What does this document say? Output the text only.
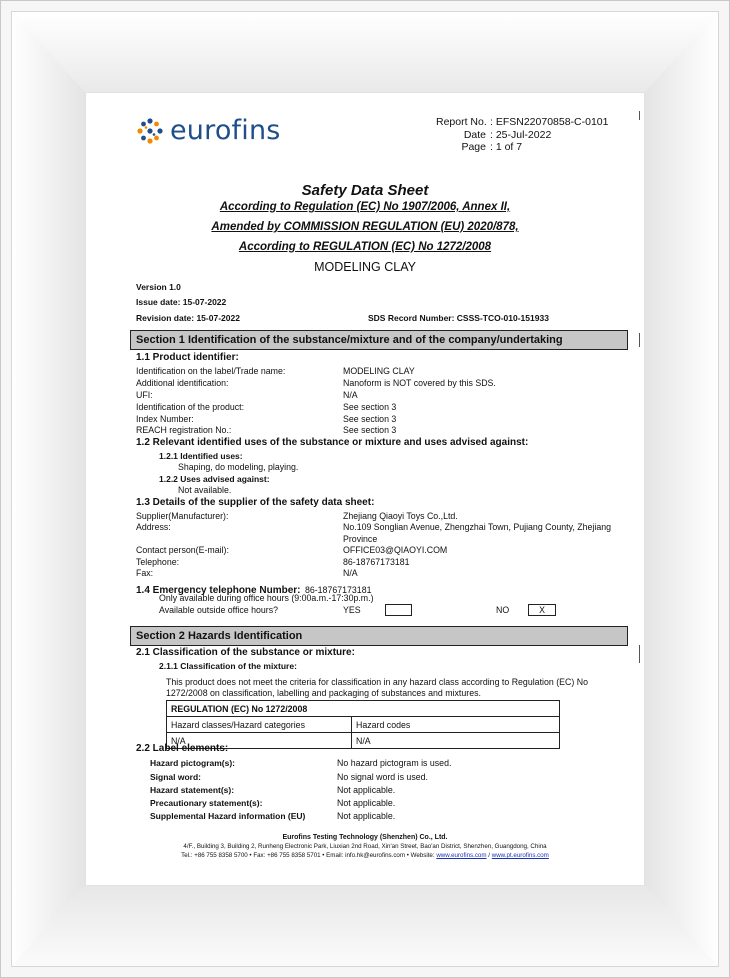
eurofins	Report No. : EFSN22070858-C-0101
Date : 25-Jul-2022
Page : 1 of 7
Safety Data Sheet
According to Regulation (EC) No 1907/2006, Annex II,
Amended by COMMISSION REGULATION (EU) 2020/878,
According to REGULATION (EC) No 1272/2008
MODELING CLAY
Version 1.0
Issue date: 15-07-2022
Revision date: 15-07-2022	SDS Record Number: CSSS-TCO-010-151933
Section 1 Identification of the substance/mixture and of the company/undertaking
1.1 Product identifier:
Identification on the label/Trade name:	MODELING CLAY
Additional identification:	Nanoform is NOT covered by this SDS.
UFI:	N/A
Identification of the product:	See section 3
Index Number:	See section 3
REACH registration No.:	See section 3
1.2 Relevant identified uses of the substance or mixture and uses advised against:
1.2.1 Identified uses:
Shaping, do modeling, playing.
1.2.2 Uses advised against:
Not available.
1.3 Details of the supplier of the safety data sheet:
Supplier(Manufacturer):	Zhejiang Qiaoyi Toys Co.,Ltd.
Address:	No.109 Songlian Avenue, Zhengzhai Town, Pujiang County, Zhejiang
Province
Contact person(E-mail):	OFFICE03@QIAOYI.COM
Telephone:	86-18767173181
Fax:	N/A
1.4 Emergency telephone Number: 86-18767173181
Only available during office hours (9:00a.m.-17:30p.m.)
Available outside office hours?	YES	NO	X
Section 2 Hazards Identification
2.1 Classification of the substance or mixture:
2.1.1 Classification of the mixture:
This product does not meet the criteria for classification in any hazard class according to Regulation (EC) No
1272/2008 on classification, labelling and packaging of substances and mixtures.
REGULATION (EC) No 1272/2008	
Hazard classes/Hazard categories	Hazard codes
N/A	N/A
2.2 Label elements:
Hazard pictogram(s):	No hazard pictogram is used.
Signal word:	No signal word is used.
Hazard statement(s):	Not applicable.
Precautionary statement(s):	Not applicable.
Supplemental Hazard information (EU)	Not applicable.
Eurofins Testing Technology (Shenzhen) Co., Ltd.
4/F., Building 3, Building 2, Runheng Electronic Park, Liuxian 2nd Road, Xin'an Street, Bao'an District, Shenzhen, Guangdong, China
Tel.: +86 755 8358 5700 • Fax: +86 755 8358 5701 • Email: info.hk@eurofins.com • Website: www.eurofins.com / www.pt.eurofins.com
